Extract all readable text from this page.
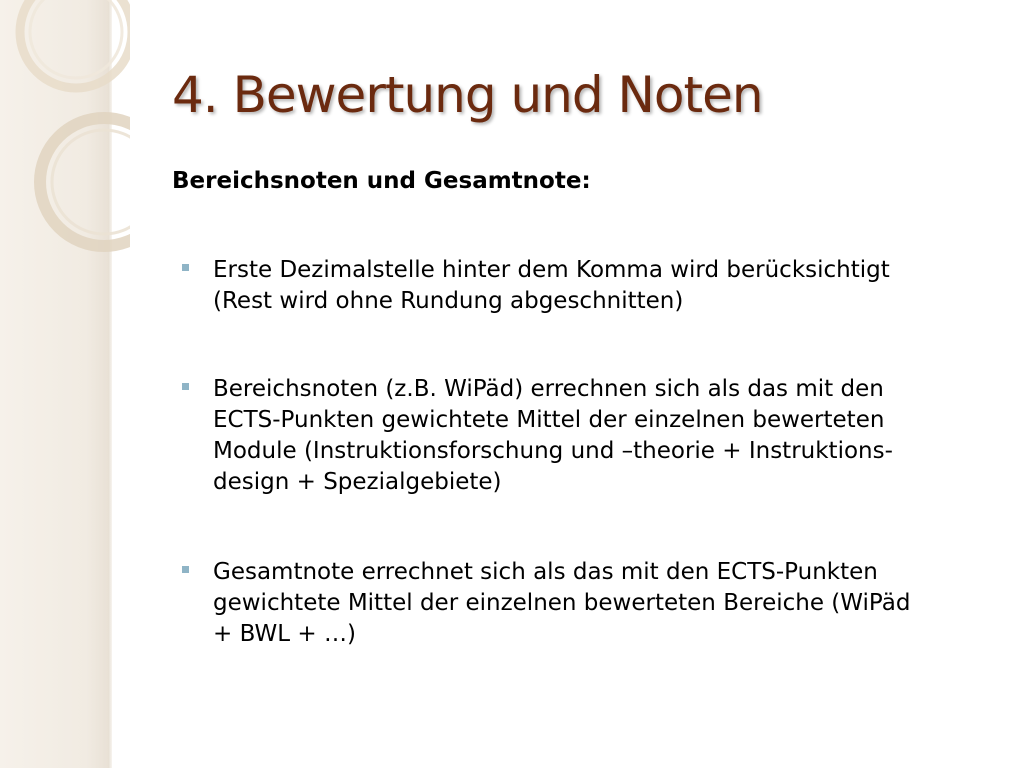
4. Bewertung und Noten
Bereichsnoten und Gesamtnote:

Erste Dezimalstelle hinter dem Komma wird berücksichtigt
(Rest wird ohne Rundung abgeschnitten)

Bereichsnoten (z.B. WiPäd) errechnen sich als das mit den
ECTS-Punkten gewichtete Mittel der einzelnen bewerteten
Module (Instruktionsforschung und –theorie + Instruktions-
design + Spezialgebiete)

Gesamtnote errechnet sich als das mit den ECTS-Punkten
gewichtete Mittel der einzelnen bewerteten Bereiche (WiPäd
+ BWL + …)
